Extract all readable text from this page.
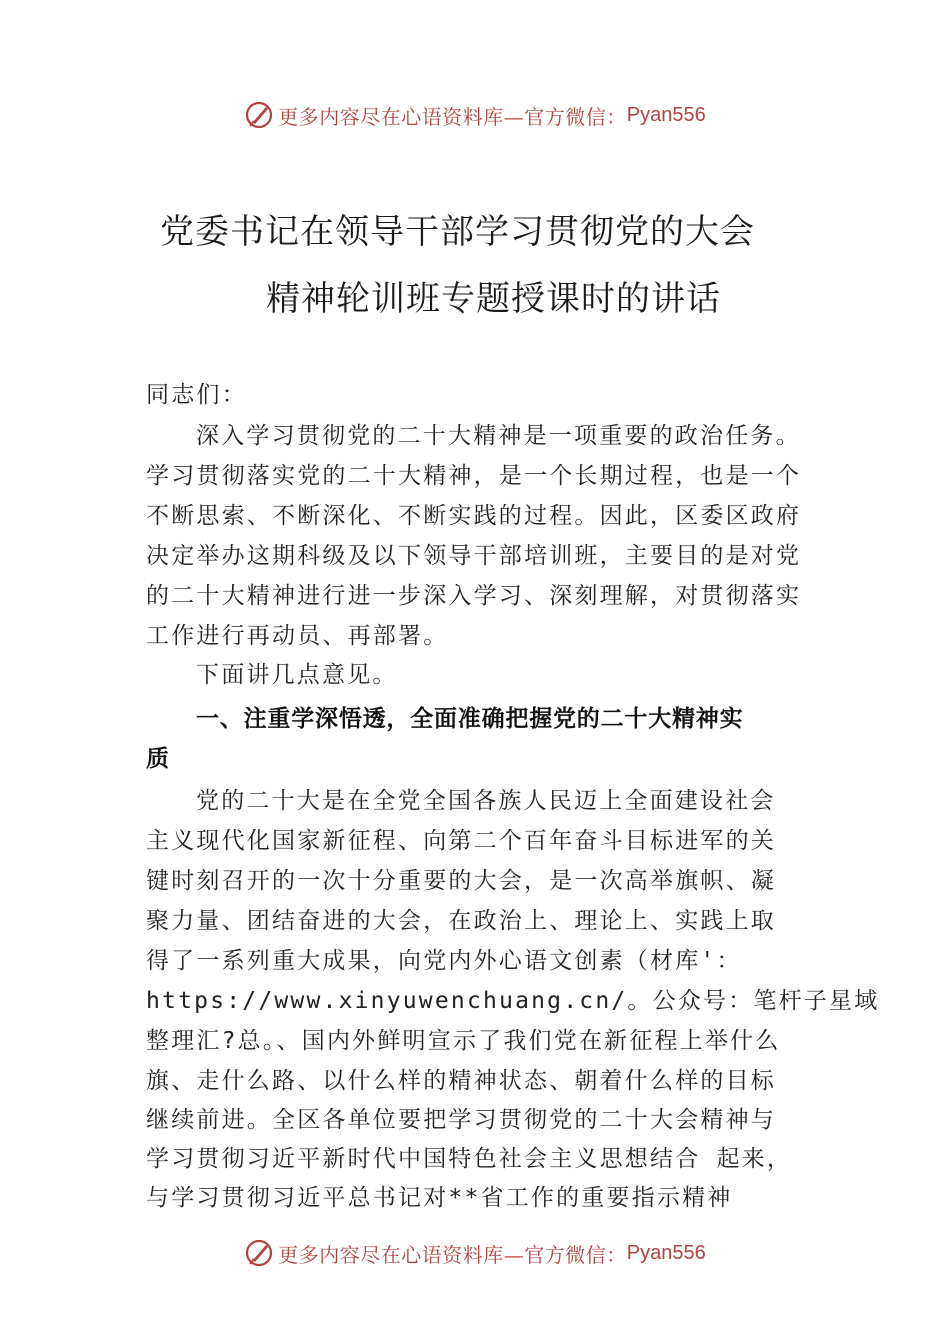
更多内容尽在心语资料库—官方微信： Pyan556
党委书记在领导干部学习贯彻党的大会
精神轮训班专题授课时的讲话
同志们：
深入学习贯彻党的二十大精神是一项重要的政治任务。
学习贯彻落实党的二十大精神，是一个长期过程，也是一个
不断思索、不断深化、不断实践的过程。因此，区委区政府
决定举办这期科级及以下领导干部培训班，主要目的是对党
的二十大精神进行进一步深入学习、深刻理解，对贯彻落实
工作进行再动员、再部署。
下面讲几点意见。
一、注重学深悟透，全面准确把握党的二十大精神实
质
党的二十大是在全党全国各族人民迈上全面建设社会
主义现代化国家新征程、向第二个百年奋斗目标进军的关
键时刻召开的一次十分重要的大会，是一次高举旗帜、凝
聚力量、团结奋进的大会，在政治上、理论上、实践上取
得了一系列重大成果，向党内外心语文创素（材库'：
https://www.xinyuwenchuang.cn/。公众号：笔杆子星域
整理汇?总。、国内外鲜明宣示了我们党在新征程上举什么
旗、走什么路、以什么样的精神状态、朝着什么样的目标
继续前进。全区各单位要把学习贯彻党的二十大会精神与
学习贯彻习近平新时代中国特色社会主义思想结合 起来，
与学习贯彻习近平总书记对**省工作的重要指示精神
更多内容尽在心语资料库—官方微信： Pyan556
